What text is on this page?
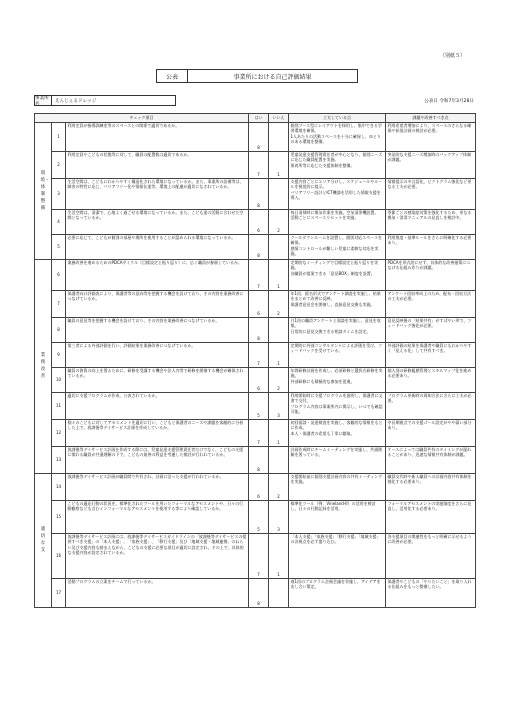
（別紙５）
公表	事業所における自己評価結果
事業所名
えんじぇるドレッジ	公表日 令和7年3月28日
チェック項目			はい	いいえ	工夫している点	課題や改善すべき点
環境・体制整備	1	利用定員が指導訓練室等のスペースとの関係で適切であるか。	8		個別ブース型にレイアウトを採用し、集中できる学習環境を確保。
1人あたりの活動スペースを十分に確保し、ゆとりのある環境を整備。	利用希望者増加により、スペースのさらなる確保や拡張計画の検討が必要。
	2	利用定員やこどもの状態等に対して、職員の配置数は適切であるか。	7	1	児童発達支援管理責任者が中心となり、個別ニーズに応じた職員配置を実施。
保育所等に応じた支援体制を整備。	突発的な支援ニーズ増加時のバックアップ体制が課題。
	3	生活空間は、こどもにわかりやすく構造化された環境になっているか。また、事業所の設備等は、障害の特性に応じ、バリアフリー化や情報伝達等、環境上の配慮が適切になされているか。	8		支援内容ごとにエリア分けし、スケジュールやルールを視覚的に提示。
バリアフリー設計とICT機器を活用した情報支援を導入。	情報提示の多言語化、ピクトグラム強化など更なる工夫が必要。
	4	生活空間は、清潔で、心地よく過ごせる環境になっているか。また、こども達の活動に合わせた空間となっているか。	6	2	毎日清掃時に換気作業を実施。空気清浄機設置。
活動ごとにスペースリセットを実施。	季節ごとの感染症対策を強化するため、更なる換気・消毒マニュアルの見直しを検討中。
	5	必要に応じて、こどもが個別の部屋や場所を使用することが認められる環境になっているか。	8		クールダウンルームを設置し、個別対応スペースを確保。
感情コントロールが難しい児童に柔軟な対応を実施。	利用頻度・基準ルールをさらに明確化する必要あり。
業務改善	6	業務改善を進めるためのPDCAサイクル（目標設定と振り返り）に、広く職員が参画しているか。	7	1	定期的なミーティングで目標設定と振り返りを実施。
各職員が提案できる「意見BOX」制度を設置。	PDCAを形式的にせず、具体的な改善施策につなげる仕組み作りが課題。
	7	保護者向け評価表により、保護者等の意向等を把握する機会を設けており、その内容を業務改善につなげているか。	6	2	年1回、匿名形式でアンケート調査を実施し、結果をまとめて改善に反映。
保護者意見会を開催し、直接意見交換も実施。	アンケート回収率向上のため、配布・回収方法の工夫が必要。
	8	職員の意見等を把握する機会を設けており、その内容を業務改善につなげているか。	8		月1回の職員アンケートと面談を実施し、意見を収集。
日常的に意見交換できる相談タイムを設定。	意見反映後の「結果共有」がすばやい形で、フィードバック強化が必要。
	9	第三者による外部評価を行い、評価結果を業務改善につなげているか。	7	1	定期的に外部コンサルタントによる評価を受け、フィードバックを受けている。	外部評価の結果を保護者や職員にもわかりやすく「見える化」して共有すべき。
	10	職員の資質の向上を図るために、研修を受講する機会や法人内等で研修を開催する機会が確保されているか。	6	2	年間研修計画を作成し、必須研修と選択式研修を実施。
外部研修にも積極的な参加を促進。	個人別の研修履歴管理とスキルマップ化を進める必要あり。
	11	適切に支援プログラムが作成、公表されているか。	5	3	利用開始時に支援プログラムを説明し、保護者に文書で交付。
プログラム内容は事業所内に掲示し、いつでも確認可能。	プログラム更新時の周知方法にさらに工夫が必要。
	12	個々のこどもに対してアセスメントを適切に行い、こどもと保護者のニーズや課題を客観的に分析した上で、放課後等デイサービス計画を作成しているか。	7	1	初回面談・発達検査を実施し、客観的な情報をもとに作成。
本人・保護者の希望も丁寧に聴取。	中長期視点での支援ゴール設定がやや弱い部分あり。
	13	放課後等デイサービス計画を作成する際には、児童発達支援管理責任者だけでなく、こどもの支援に関わる職員が共通理解の下で、こどもの最善の利益を考慮した検討が行われているか。	8		計画作成時にチームミーティングを実施し、共通理解を図っている。	ケースによっては職員共有のタイミングが遅れることがあり、迅速な情報共有体制が課題。
適切な支	14	放課後等デイサービス計画が職員間で共有され、計画に沿った支援が行われているか。	6	2	支援開始前に個別支援計画内容の共有ミーティングを実施。	職員交代時や新人職員への計画内容共有体制を強化する必要あり。
	15	こどもの適応行動の状況を、標準化されたツールを用いたフォーマルなアセスメントや、日々の行動観察なども含むインフォーマルなアセスメントを使用する等により確認しているか。	5	3	標準化ツール（例：Vineland-II）の活用を検討し、日々の行動記録を活用。	フォーマルアセスメントの実施頻度をさらに見直し、活用化する必要あり。
	16	放課後等デイサービス計画には、放課後等デイサービスガイドラインの「放課後等デイサービスの提供すべき支援」の「本人支援」、「家族支援」、「移行支援」及び「地域支援・地域連携」のねらい及び支援内容も踏まえながら、こどもの支援に必要な項目が適切に設定され、その上で、具体的な支援内容が設定されているか。	7	1	「本人支援」「家族支援」「移行支援」「地域支援」の各視点を必ず盛り込む。	各支援項目の関連性をもっと明確に示せるように改善が必要。
	17	活動プログラムの立案をチームで行っているか。	8		週1回のプログラム企画会議を実施し、アイデアを出し合い策定。	保護者やこどもの「やりたいこと」を取り入れる仕組みをもっと整備したい。
